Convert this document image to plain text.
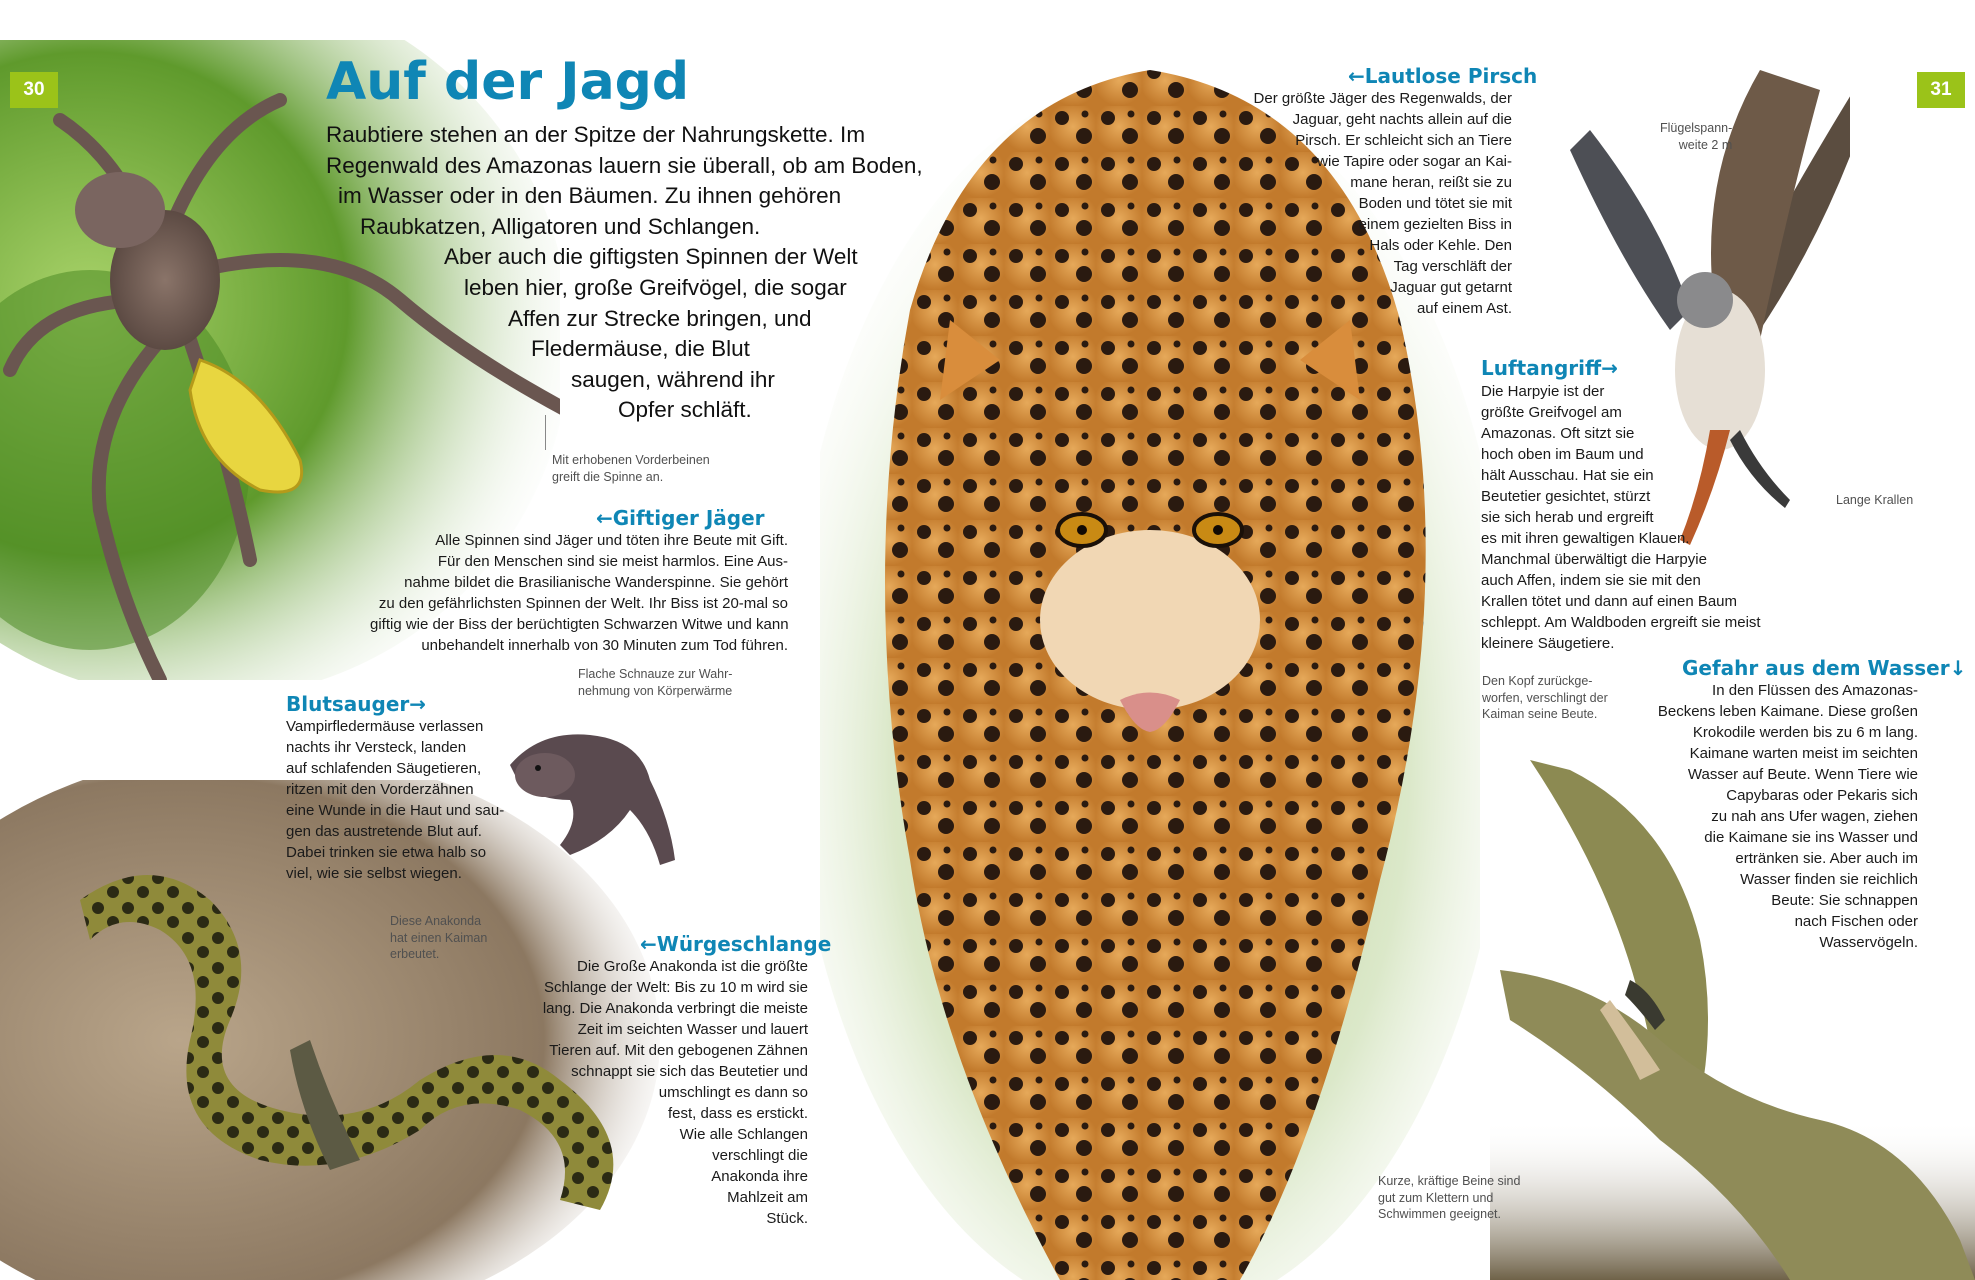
30	31
Auf der Jagd
Raubtiere stehen an der Spitze der Nahrungskette. Im
Regenwald des Amazonas lauern sie überall, ob am Boden,
im Wasser oder in den Bäumen. Zu ihnen gehören
Raubkatzen, Alligatoren und Schlangen.
Aber auch die giftigsten Spinnen der Welt
leben hier, große Greifvögel, die sogar
Affen zur Strecke bringen, und
Fledermäuse, die Blut
saugen, während ihr
Opfer schläft.
Mit erhobenen Vorderbeinen
greift die Spinne an.
Flache Schnauze zur Wahr-
nehmung von Körperwärme
Diese Anakonda
hat einen Kaiman
erbeutet.
Kurze, kräftige Beine sind
gut zum Klettern und
Schwimmen geeignet.
Flügelspann-
weite 2 m
Lange Krallen
Den Kopf zurückge-
worfen, verschlingt der
Kaiman seine Beute.
←Giftiger Jäger
Alle Spinnen sind Jäger und töten ihre Beute mit Gift.
Für den Menschen sind sie meist harmlos. Eine Aus-
nahme bildet die Brasilianische Wanderspinne. Sie gehört
zu den gefährlichsten Spinnen der Welt. Ihr Biss ist 20-mal so
giftig wie der Biss der berüchtigten Schwarzen Witwe und kann
unbehandelt innerhalb von 30 Minuten zum Tod führen.
Blutsauger→
Vampirfledermäuse verlassen
nachts ihr Versteck, landen
auf schlafenden Säugetieren,
ritzen mit den Vorderzähnen
eine Wunde in die Haut und sau-
gen das austretende Blut auf.
Dabei trinken sie etwa halb so
viel, wie sie selbst wiegen.
←Würgeschlange
Die Große Anakonda ist die größte
Schlange der Welt: Bis zu 10 m wird sie
lang. Die Anakonda verbringt die meiste
Zeit im seichten Wasser und lauert
Tieren auf. Mit den gebogenen Zähnen
schnappt sie sich das Beutetier und
umschlingt es dann so
fest, dass es erstickt.
Wie alle Schlangen
verschlingt die
Anakonda ihre
Mahlzeit am
Stück.
←Lautlose Pirsch
Der größte Jäger des Regenwalds, der
Jaguar, geht nachts allein auf die
Pirsch. Er schleicht sich an Tiere
wie Tapire oder sogar an Kai-
mane heran, reißt sie zu
Boden und tötet sie mit
einem gezielten Biss in
Hals oder Kehle. Den
Tag verschläft der
Jaguar gut getarnt
auf einem Ast.
Luftangriff→
Die Harpyie ist der
größte Greifvogel am
Amazonas. Oft sitzt sie
hoch oben im Baum und
hält Ausschau. Hat sie ein
Beutetier gesichtet, stürzt
sie sich herab und ergreift
es mit ihren gewaltigen Klauen.
Manchmal überwältigt die Harpyie
auch Affen, indem sie sie mit den
Krallen tötet und dann auf einen Baum
schleppt. Am Waldboden ergreift sie meist
kleinere Säugetiere.
Gefahr aus dem Wasser↓
In den Flüssen des Amazonas-
Beckens leben Kaimane. Diese großen
Krokodile werden bis zu 6 m lang.
Kaimane warten meist im seichten
Wasser auf Beute. Wenn Tiere wie
Capybaras oder Pekaris sich
zu nah ans Ufer wagen, ziehen
die Kaimane sie ins Wasser und
ertränken sie. Aber auch im
Wasser finden sie reichlich
Beute: Sie schnappen
nach Fischen oder
Wasservögeln.
